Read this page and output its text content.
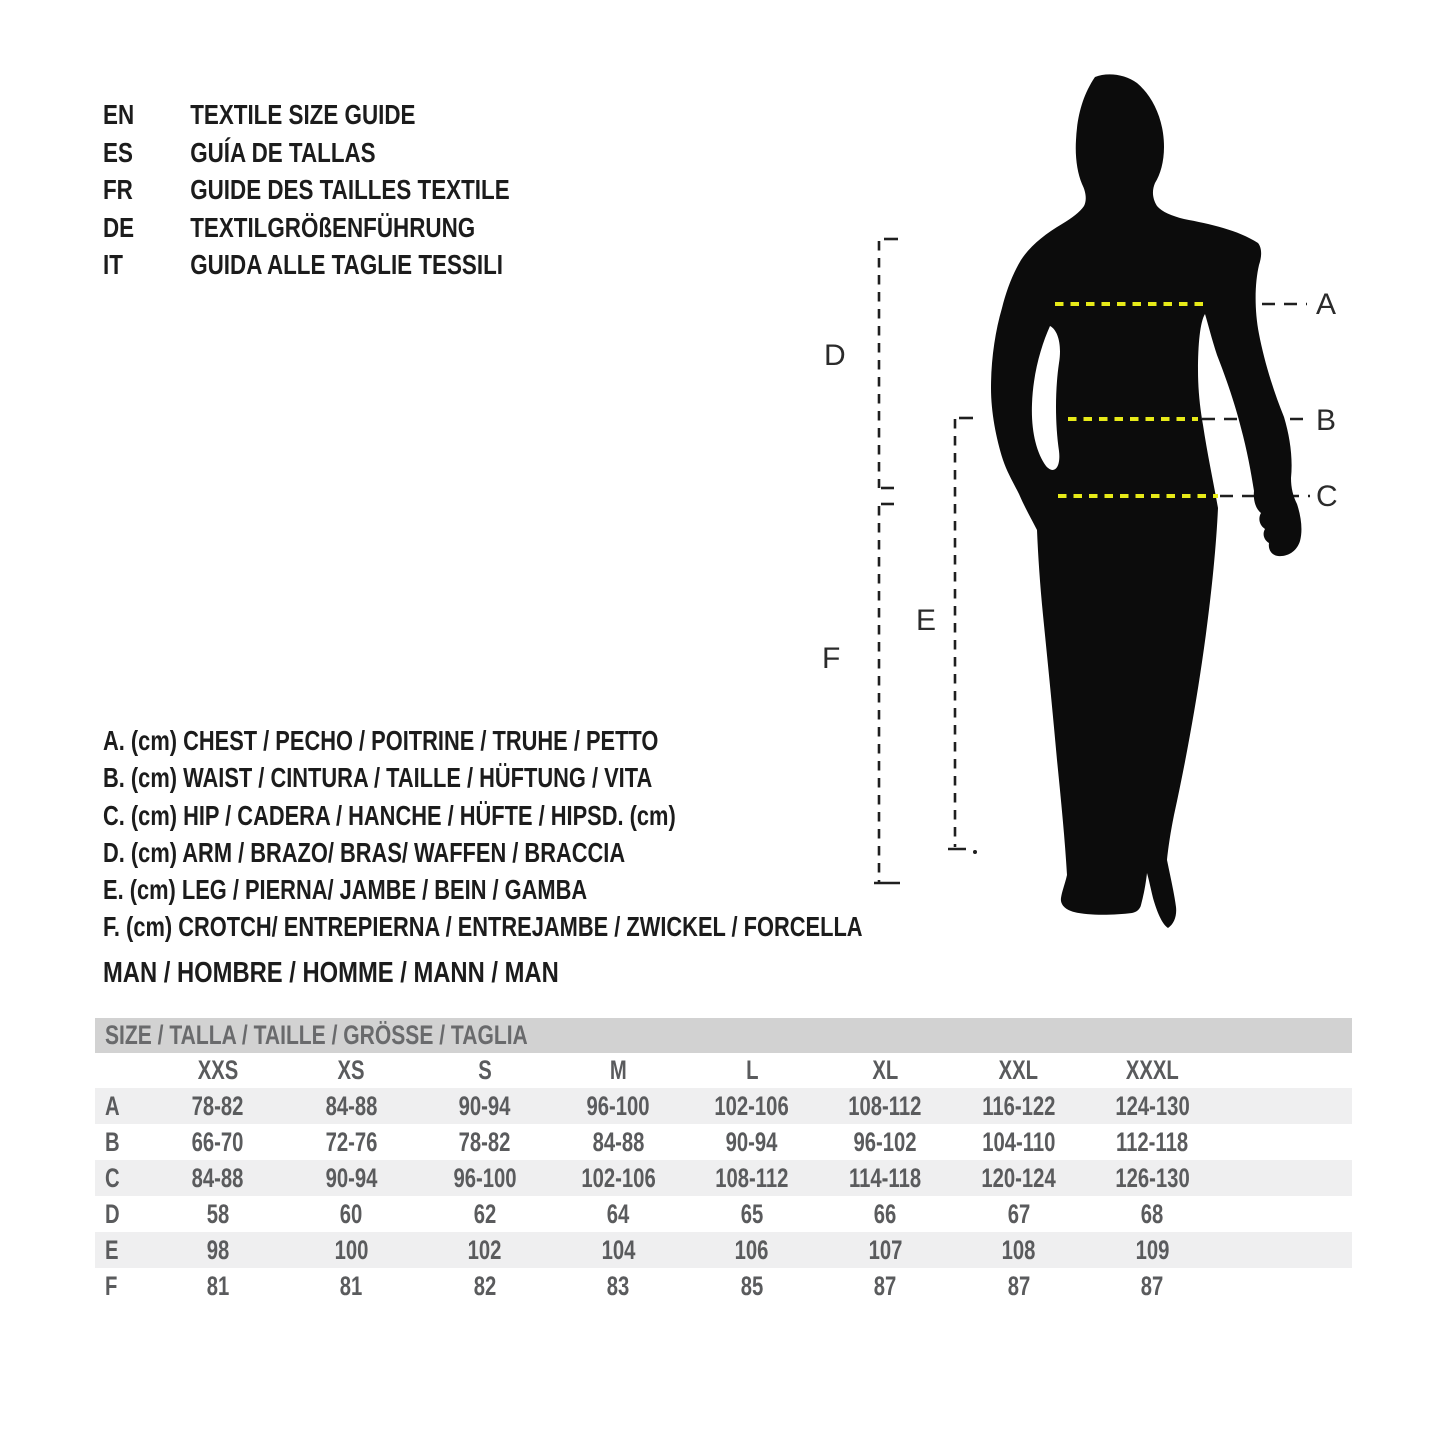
EN	TEXTILE SIZE GUIDE
ES	GUÍA DE TALLAS
FR	GUIDE DES TAILLES TEXTILE
DE	TEXTILGRÖßENFÜHRUNG
IT	GUIDA ALLE TAGLIE TESSILI
A. (cm) CHEST / PECHO / POITRINE / TRUHE / PETTO
B. (cm) WAIST / CINTURA / TAILLE / HÜFTUNG / VITA
C. (cm) HIP / CADERA / HANCHE / HÜFTE / HIPSD. (cm)
D. (cm) ARM / BRAZO/ BRAS/ WAFFEN / BRACCIA
E. (cm) LEG / PIERNA/ JAMBE / BEIN / GAMBA
F. (cm) CROTCH/ ENTREPIERNA / ENTREJAMBE / ZWICKEL / FORCELLA
MAN / HOMBRE / HOMME / MANN / MAN
A
B
C
D
E
F
SIZE / TALLA / TAILLE / GRÖSSE / TAGLIA
XXS	XS	S	M	L	XL	XXL	XXXL
A	78-82	84-88	90-94	96-100	102-106	108-112	116-122	124-130
B	66-70	72-76	78-82	84-88	90-94	96-102	104-110	112-118
C	84-88	90-94	96-100	102-106	108-112	114-118	120-124	126-130
D	58	60	62	64	65	66	67	68
E	98	100	102	104	106	107	108	109
F	81	81	82	83	85	87	87	87
